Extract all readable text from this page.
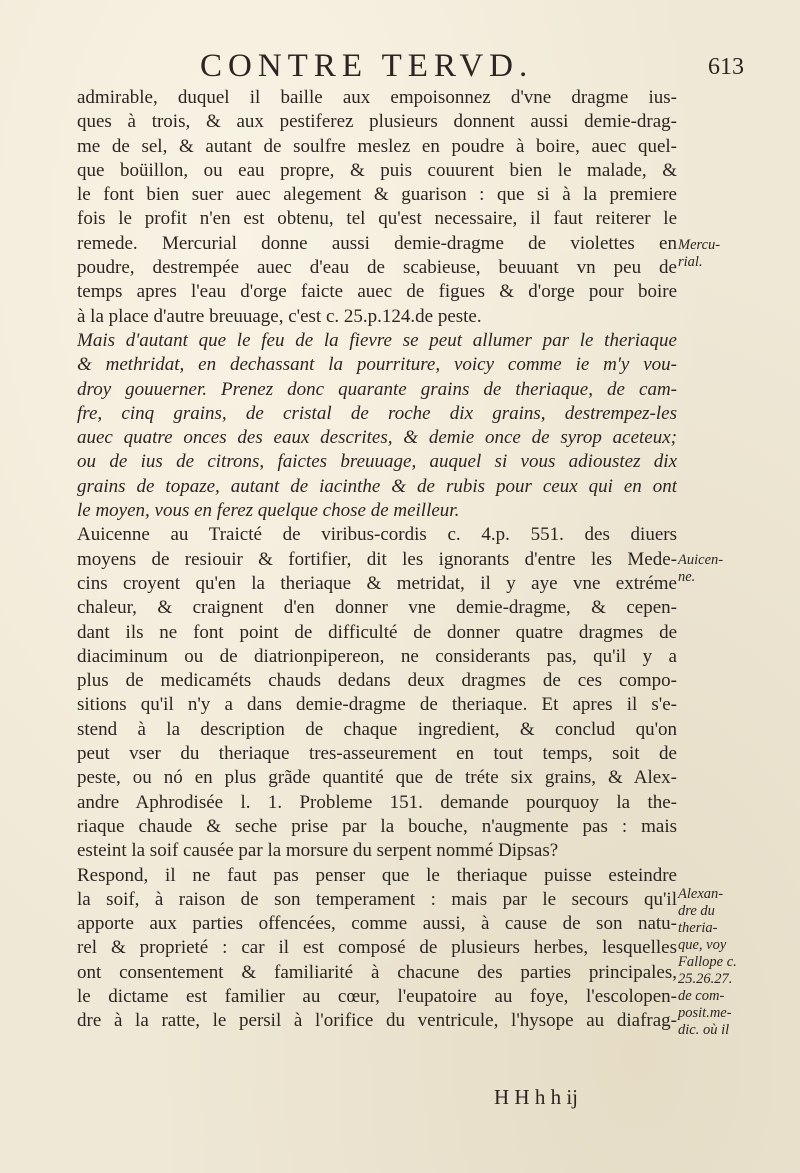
CONTRE TERVD.	613
admirable, duquel il baille aux empoisonnez d'vne dragme ius-
ques à trois, & aux pestiferez plusieurs donnent aussi demie-drag-
me de sel, & autant de soulfre meslez en poudre à boire, auec quel-
que boüillon, ou eau propre, & puis couurent bien le malade, &
le font bien suer auec alegement & guarison : que si à la premiere
fois le profit n'en est obtenu, tel qu'est necessaire, il faut reiterer le
remede. Mercurial donne aussi demie-dragme de violettes en
poudre, destrempée auec d'eau de scabieuse, beuuant vn peu de
temps apres l'eau d'orge faicte auec de figues & d'orge pour boire
à la place d'autre breuuage, c'est c. 25.p.124.de peste.
Mais d'autant que le feu de la fievre se peut allumer par le theriaque
& methridat, en dechassant la pourriture, voicy comme ie m'y vou-
droy gouuerner. Prenez donc quarante grains de theriaque, de cam-
fre, cinq grains, de cristal de roche dix grains, destrempez-les
auec quatre onces des eaux descrites, & demie once de syrop aceteux;
ou de ius de citrons, faictes breuuage, auquel si vous adioustez dix
grains de topaze, autant de iacinthe & de rubis pour ceux qui en ont
le moyen, vous en ferez quelque chose de meilleur.
Auicenne au Traicté de viribus-cordis c. 4.p. 551. des diuers
moyens de resiouir & fortifier, dit les ignorants d'entre les Mede-
cins croyent qu'en la theriaque & metridat, il y aye vne extréme
chaleur, & craignent d'en donner vne demie-dragme, & cepen-
dant ils ne font point de difficulté de donner quatre dragmes de
diaciminum ou de diatrionpipereon, ne considerants pas, qu'il y a
plus de medicaméts chauds dedans deux dragmes de ces compo-
sitions qu'il n'y a dans demie-dragme de theriaque. Et apres il s'e-
stend à la description de chaque ingredient, & conclud qu'on
peut vser du theriaque tres-asseurement en tout temps, soit de
peste, ou nó en plus grãde quantité que de tréte six grains, & Alex-
andre Aphrodisée l. 1. Probleme 151. demande pourquoy la the-
riaque chaude & seche prise par la bouche, n'augmente pas : mais
esteint la soif causée par la morsure du serpent nommé Dipsas?
Respond, il ne faut pas penser que le theriaque puisse esteindre
la soif, à raison de son temperament : mais par le secours qu'il
apporte aux parties offencées, comme aussi, à cause de son natu-
rel & proprieté : car il est composé de plusieurs herbes, lesquelles
ont consentement & familiarité à chacune des parties principales,
le dictame est familier au cœur, l'eupatoire au foye, l'escolopen-
dre à la ratte, le persil à l'orifice du ventricule, l'hysope au diafrag-
Mercu-
rial.
Auicen-
ne.
Alexan-
dre du
theria-
que, voy
Fallope c.
25.26.27.
de com-
posit.me-
dic. où il
H H h h ij
